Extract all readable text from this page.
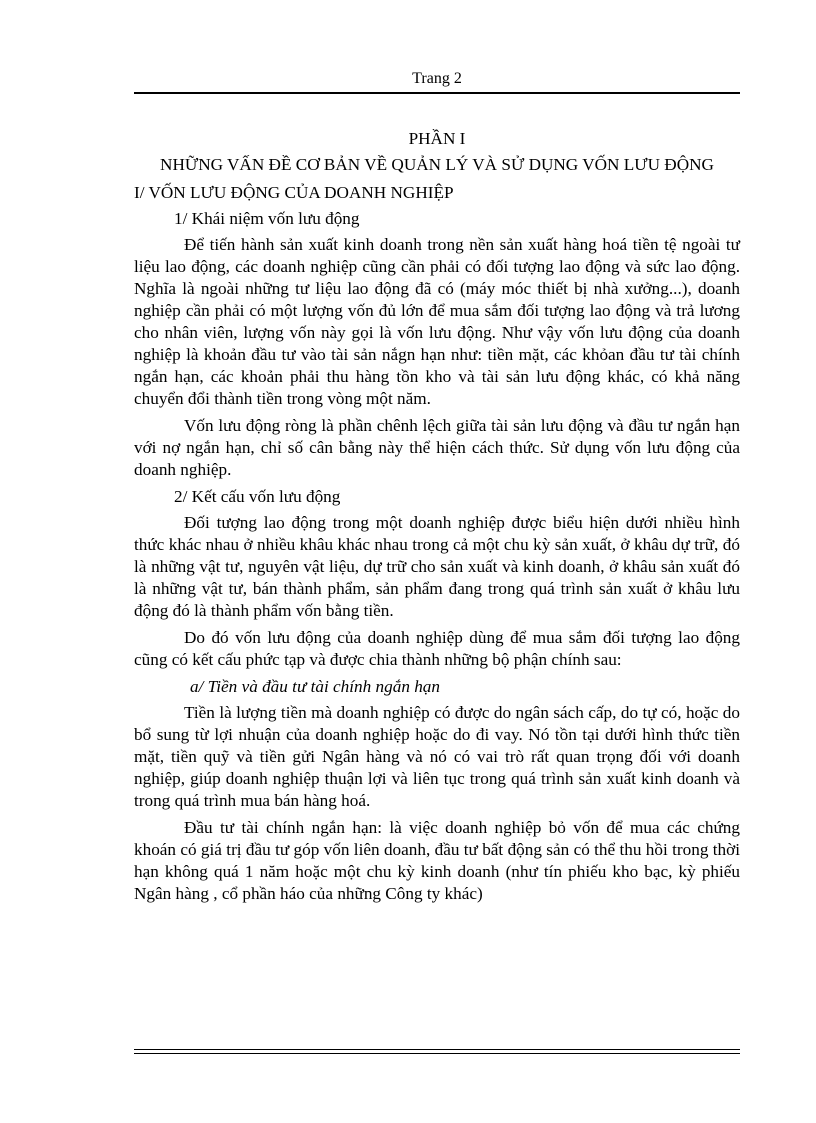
Trang 2
PHẦN I
NHỮNG VẤN ĐỀ CƠ BẢN VỀ QUẢN LÝ VÀ SỬ DỤNG VỐN LƯU ĐỘNG
I/ VỐN LƯU ĐỘNG CỦA DOANH NGHIỆP
1/ Khái niệm vốn lưu động

Để tiến hành sản xuất kinh doanh trong nền sản xuất hàng hoá tiền tệ ngoài tư liệu lao động, các doanh nghiệp cũng cần phải có đối tượng lao động và sức lao động. Nghĩa là ngoài những tư liệu lao động đã có (máy móc thiết bị nhà xưởng...), doanh nghiệp cần phải có một lượng vốn đủ lớn để mua sắm đối tượng lao động và trả lương cho nhân viên, lượng vốn này gọi là vốn lưu động. Như vậy vốn lưu động của doanh nghiệp là khoản đầu tư vào tài sản nắgn hạn như: tiền mặt, các khỏan đầu tư tài chính ngắn hạn, các khoản phải thu hàng tồn kho và tài sản lưu động khác, có khả năng chuyển đổi thành tiền trong vòng một năm.

Vốn lưu động ròng là phần chênh lệch giữa tài sản lưu động và đầu tư ngắn hạn với nợ ngắn hạn, chỉ số cân bằng này thể hiện cách thức. Sử dụng vốn lưu động của doanh nghiệp.

2/ Kết cấu vốn lưu động

Đối tượng lao động trong một doanh nghiệp được biểu hiện dưới nhiều hình thức khác nhau ở nhiều khâu khác nhau trong cả một chu kỳ sản xuất, ở khâu dự trữ, đó là những vật tư, nguyên vật liệu, dự trữ cho sản xuất và kinh doanh, ở khâu sản xuất đó là những vật tư, bán thành phẩm, sản phẩm đang trong quá trình sản xuất ở khâu lưu động đó là thành phẩm vốn bằng tiền.

Do đó vốn lưu động của doanh nghiệp dùng để mua sắm đối tượng lao động cũng có kết cấu phức tạp và được chia thành những bộ phận chính sau:

a/ Tiền và đầu tư tài chính ngắn hạn

Tiền là lượng tiền mà doanh nghiệp có được do ngân sách cấp, do tự có, hoặc do bổ sung từ lợi nhuận của doanh nghiệp hoặc do đi vay. Nó tồn tại dưới hình thức tiền mặt, tiền quỹ và tiền gửi Ngân hàng và nó có vai trò rất quan trọng đối với doanh nghiệp, giúp doanh nghiệp thuận lợi và liên tục trong quá trình sản xuất kinh doanh và trong quá trình mua bán hàng hoá.

Đầu tư tài chính ngắn hạn: là việc doanh nghiệp bỏ vốn để mua các chứng khoán có giá trị đầu tư góp vốn liên doanh, đầu tư bất động sản có thể thu hồi trong thời hạn không quá 1 năm hoặc một chu kỳ kinh doanh (như tín phiếu kho bạc, kỳ phiếu Ngân hàng , cổ phần háo của những Công ty khác)
